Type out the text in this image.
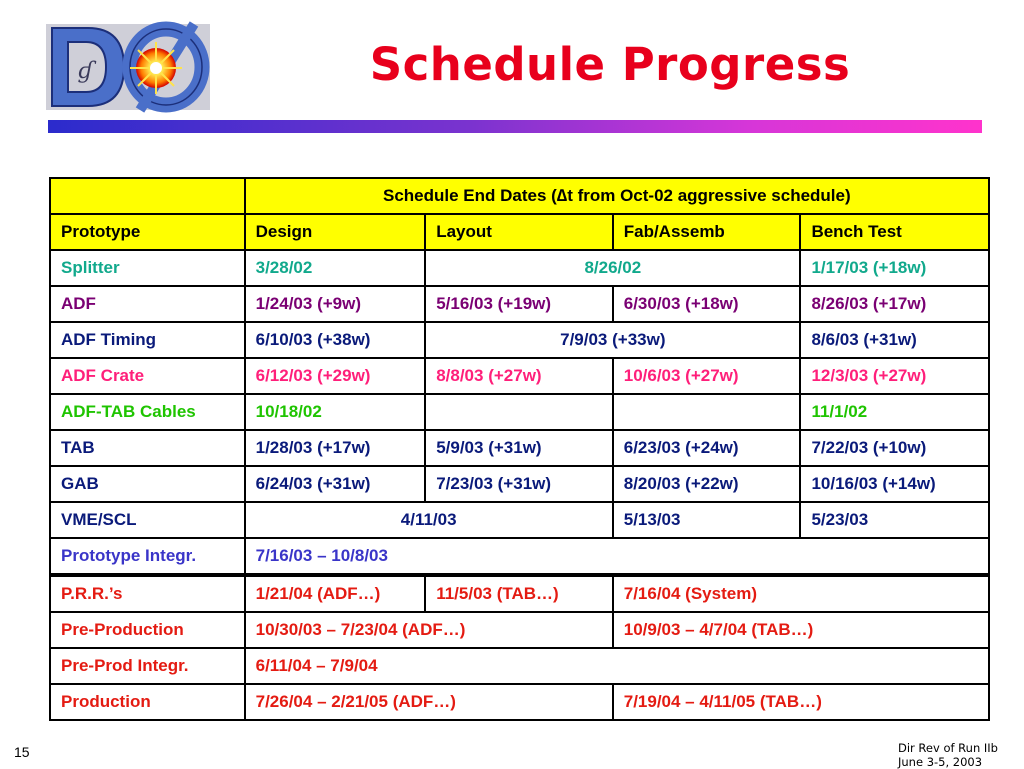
ɠ	Schedule Progress
	Schedule End Dates (∆t from Oct-02 aggressive schedule)			
Prototype	Design	Layout	Fab/Assemb	Bench Test
Splitter	3/28/02	8/26/02		1/17/03 (+18w)
ADF	1/24/03 (+9w)	5/16/03 (+19w)	6/30/03 (+18w)	8/26/03 (+17w)
ADF Timing	6/10/03 (+38w)	7/9/03 (+33w)		8/6/03 (+31w)
ADF Crate	6/12/03 (+29w)	8/8/03 (+27w)	10/6/03 (+27w)	12/3/03 (+27w)
ADF-TAB Cables	10/18/02			11/1/02
TAB	1/28/03 (+17w)	5/9/03 (+31w)	6/23/03 (+24w)	7/22/03 (+10w)
GAB	6/24/03 (+31w)	7/23/03 (+31w)	8/20/03 (+22w)	10/16/03 (+14w)
VME/SCL	4/11/03		5/13/03	5/23/03
Prototype Integr.	7/16/03 – 10/8/03			
P.R.R.’s	1/21/04 (ADF…)	11/5/03 (TAB…)	7/16/04 (System)	
Pre-Production	10/30/03 – 7/23/04 (ADF…)		10/9/03 – 4/7/04 (TAB…)	
Pre-Prod Integr.	6/11/04 – 7/9/04			
Production	7/26/04 – 2/21/05 (ADF…)		7/19/04 – 4/11/05 (TAB…)	
15	Dir Rev of Run IIb
June 3-5, 2003
